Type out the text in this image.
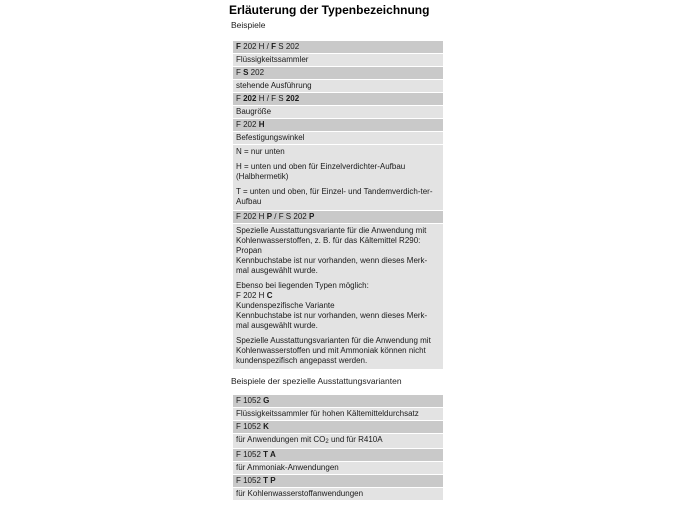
Erläuterung der Typenbezeichnung
Beispiele
F 202 H / F S 202
Flüssigkeitssammler
F S 202
stehende Ausführung
F 202 H / F S 202
Baugröße
F 202 H
Befestigungswinkel

N = nur unten

H = unten und oben für Einzelverdichter-Aufbau (Halbhermetik)

T = unten und oben, für Einzel- und Tandemverdich-ter-Aufbau

F 202 H P / F S 202 P

Spezielle Ausstattungsvariante für die Anwendung mit Kohlenwasserstoffen, z. B. für das Kältemittel R290: Propan
Kennbuchstabe ist nur vorhanden, wenn dieses Merk-mal ausgewählt wurde.

Ebenso bei liegenden Typen möglich:
F 202 H C
Kundenspezifische Variante
Kennbuchstabe ist nur vorhanden, wenn dieses Merk-mal ausgewählt wurde.

Spezielle Ausstattungsvarianten für die Anwendung mit Kohlenwasserstoffen und mit Ammoniak können nicht kundenspezifisch angepasst werden.

Beispiele der spezielle Ausstattungsvarianten
F 1052 G
Flüssigkeitssammler für hohen Kältemitteldurchsatz
F 1052 K
für Anwendungen mit CO2 und für R410A
F 1052 T A
für Ammoniak-Anwendungen
F 1052 T P
für Kohlenwasserstoffanwendungen
